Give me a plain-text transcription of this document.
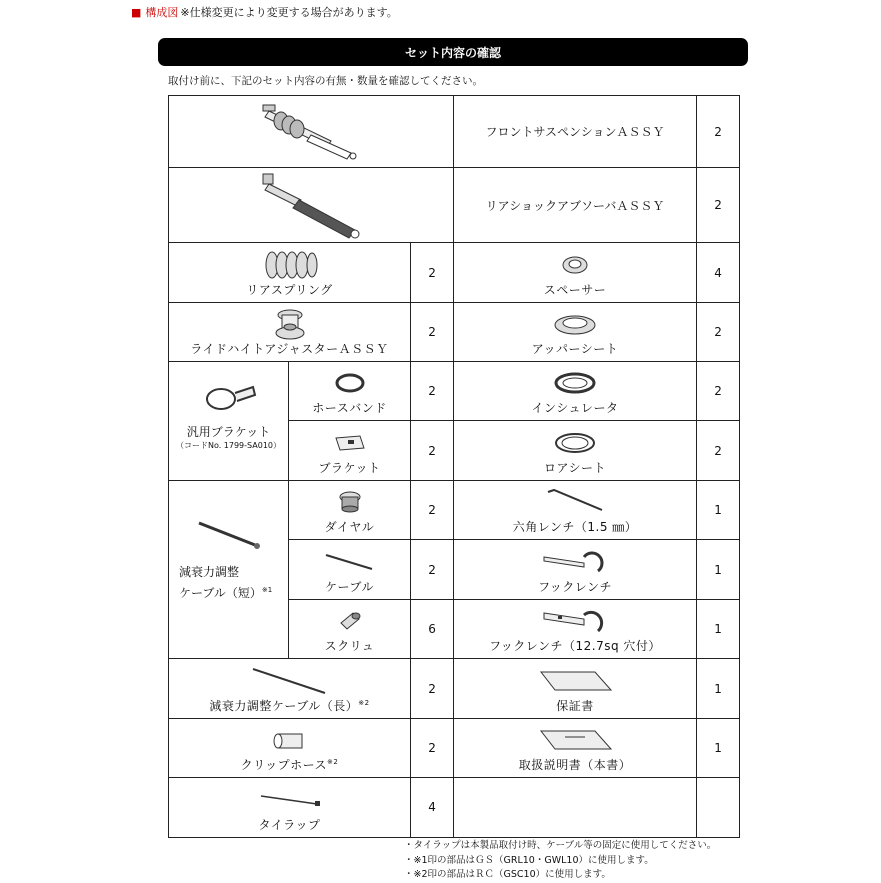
■ 構成図 ※仕様変更により変更する場合があります。
セット内容の確認
取付け前に、下記のセット内容の有無・数量を確認してください。
	フロントサスペンションＡＳＳＹ	2

	リアショックアブソーバＡＳＳＹ	2

リアスプリング		2	スペーサー	4

ライドハイトアジャスターＡＳＳＹ		2	アッパーシート	2

汎用ブラケット
（コードNo. 1799-SA010）	ホースバンド	2	インシュレータ	2

	ブラケット	2	ロアシート	2

減衰力調整
ケーブル（短）$^{※1}$	ダイヤル	2	六角レンチ（1.5 ㎜）	1

	ケーブル	2	フックレンチ	1

	スクリュ	6	フックレンチ（12.7sq 穴付）	1

減衰力調整ケーブル（長）$^{※2}$		2	保証書	1

クリップホース$^{※2}$		2	取扱説明書（本書）	1

タイラップ		4		
・タイラップは本製品取付け時、ケーブル等の固定に使用してください。
・※1印の部品はＧＳ（GRL10・GWL10）に使用します。
・※2印の部品はＲＣ（GSC10）に使用します。
